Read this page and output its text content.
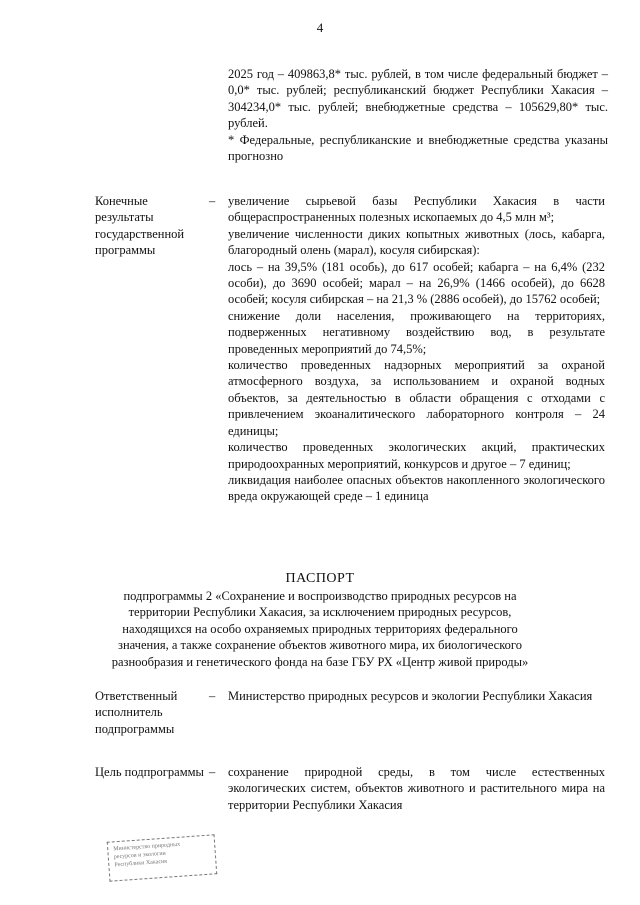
4

2025 год – 409863,8* тыс. рублей, в том числе федеральный бюджет – 0,0* тыс. рублей; республиканский бюджет Республики Хакасия – 304234,0* тыс. рублей; внебюджетные средства – 105629,80* тыс. рублей.

* Федеральные, республиканские и внебюджетные средства указаны прогнозно

Конечные результаты государственной программы
– увеличение сырьевой базы Республики Хакасия в части общераспространенных полезных ископаемых до 4,5 млн м³;

увеличение численности диких копытных животных (лось, кабарга, благородный олень (марал), косуля сибирская):

лось – на 39,5% (181 особь), до 617 особей; кабарга – на 6,4% (232 особи), до 3690 особей; марал – на 26,9% (1466 особей), до 6628 особей; косуля сибирская – на 21,3 % (2886 особей), до 15762 особей;

снижение доли населения, проживающего на территориях, подверженных негативному воздействию вод, в результате проведенных мероприятий до 74,5%;

количество проведенных надзорных мероприятий за охраной атмосферного воздуха, за использованием и охраной водных объектов, за деятельностью в области обращения с отходами с привлечением экоаналитического лабораторного контроля – 24 единицы;

количество проведенных экологических акций, практических природоохранных мероприятий, конкурсов и другое – 7 единиц;

ликвидация наиболее опасных объектов накопленного экологического вреда окружающей среде – 1 единица

ПАСПОРТ
подпрограммы 2 «Сохранение и воспроизводство природных ресурсов на территории Республики Хакасия, за исключением природных ресурсов, находящихся на особо охраняемых природных территориях федерального значения, а также сохранение объектов животного мира, их биологического разнообразия и генетического фонда на базе ГБУ РХ «Центр живой природы»
Ответственный исполнитель подпрограммы
– Министерство природных ресурсов и экологии Республики Хакасия
Цель подпрограммы – сохранение природной среды, в том числе естественных экологических систем, объектов животного и растительного мира на территории Республики Хакасия
Министерство природных
ресурсов и экологии
Республики Хакасия
